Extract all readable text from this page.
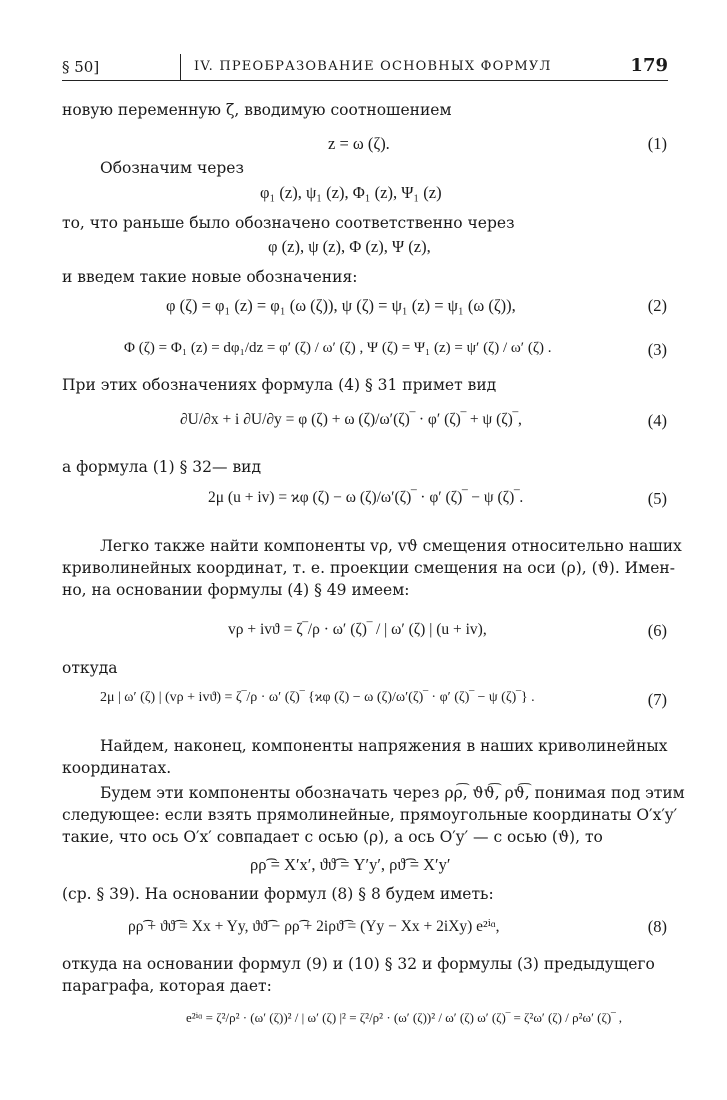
§ 50]	IV. ПРЕОБРАЗОВАНИЕ ОСНОВНЫХ ФОРМУЛ	179
новую переменную ζ, вводимую соотношением
z = ω (ζ).	(1)
Обозначим через
φ₁ (z), ψ₁ (z), Φ₁ (z), Ψ₁ (z)
то, что раньше было обозначено соответственно через
φ (z), ψ (z), Φ (z), Ψ (z),
и введем такие новые обозначения:
φ (ζ) = φ₁ (z) = φ₁ (ω (ζ)), ψ (ζ) = ψ₁ (z) = ψ₁ (ω (ζ)),	(2)
Φ (ζ) = Φ₁ (z) = dφ₁/dz = φ′ (ζ) / ω′ (ζ) , Ψ (ζ) = Ψ₁ (z) = ψ′ (ζ) / ω′ (ζ) .	(3)
При этих обозначениях формула (4) § 31 примет вид
∂U/∂x + i ∂U/∂y = φ (ζ) + ω (ζ)/ω′(ζ)‾ · φ′ (ζ)‾ + ψ (ζ)‾,	(4)
а формула (1) § 32— вид
2μ (u + iv) = ϰφ (ζ) − ω (ζ)/ω′(ζ)‾ · φ′ (ζ)‾ − ψ (ζ)‾.	(5)
Легко также найти компоненты vρ, vϑ смещения относительно наших
криволинейных координат, т. е. проекции смещения на оси (ρ), (ϑ). Имен-
но, на основании формулы (4) § 49 имеем:
vρ + ivϑ = ζ‾/ρ · ω′ (ζ)‾ / | ω′ (ζ) | (u + iv),	(6)
откуда
2μ | ω′ (ζ) | (vρ + ivϑ) = ζ‾/ρ · ω′ (ζ)‾ {ϰφ (ζ) − ω (ζ)/ω′(ζ)‾ · φ′ (ζ)‾ − ψ (ζ)‾} .	(7)
Найдем, наконец, компоненты напряжения в наших криволинейных
координатах.
Будем эти компоненты обозначать через ρρ͡, ϑϑ͡, ρϑ͡, понимая под этим
следующее: если взять прямолинейные, прямоугольные координаты O′x′y′
такие, что ось O′x′ совпадает с осью (ρ), а ось O′y′ — с осью (ϑ), то
ρρ͡ = X′x′, ϑϑ͡ = Y′y′, ρϑ͡ = X′y′
(ср. § 39). На основании формул (8) § 8 будем иметь:
ρρ͡ + ϑϑ͡ = Xx + Yy, ϑϑ͡ − ρρ͡ + 2iρϑ͡ = (Yy − Xx + 2iXy) e²ⁱᵅ,	(8)
откуда на основании формул (9) и (10) § 32 и формулы (3) предыдущего
параграфа, которая дает:
e²ⁱᵅ = ζ²/ρ² · (ω′ (ζ))² / | ω′ (ζ) |² = ζ²/ρ² · (ω′ (ζ))² / ω′ (ζ) ω′ (ζ)‾ = ζ²ω′ (ζ) / ρ²ω′ (ζ)‾ ,
